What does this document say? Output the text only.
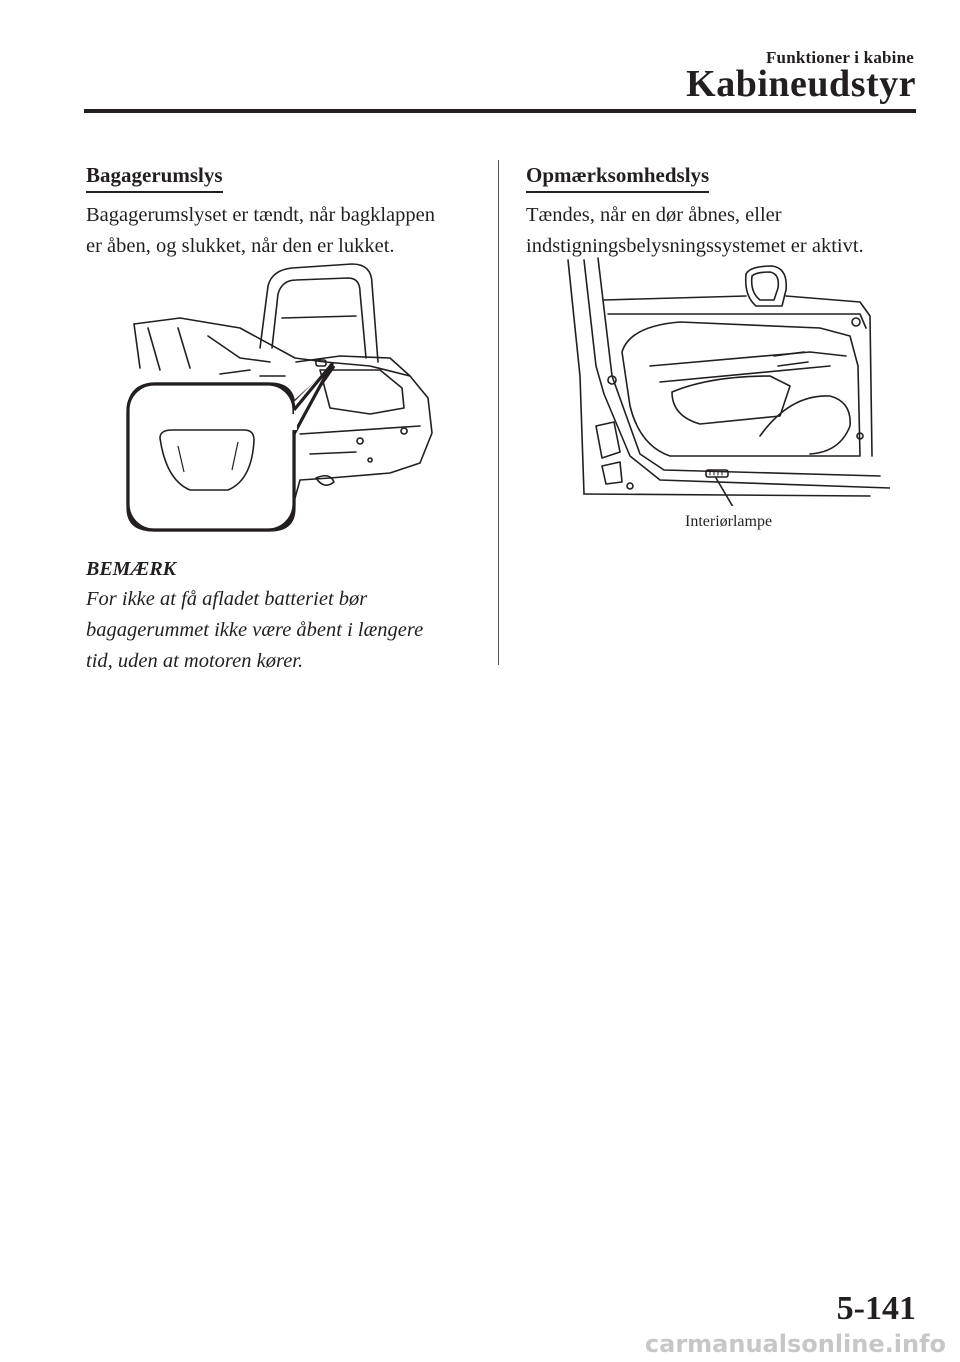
Funktioner i kabine
Kabineudstyr
Bagagerumslys

Bagagerumslyset er tændt, når bagklappen

er åben, og slukket, når den er lukket.

BEMÆRK

For ikke at få afladet batteriet bør

bagagerummet ikke være åbent i længere

tid, uden at motoren kører.

Opmærksomhedslys

Tændes, når en dør åbnes, eller

indstigningsbelysningssystemet er aktivt.

Interiørlampe
5-141
carmanualsonline.info
